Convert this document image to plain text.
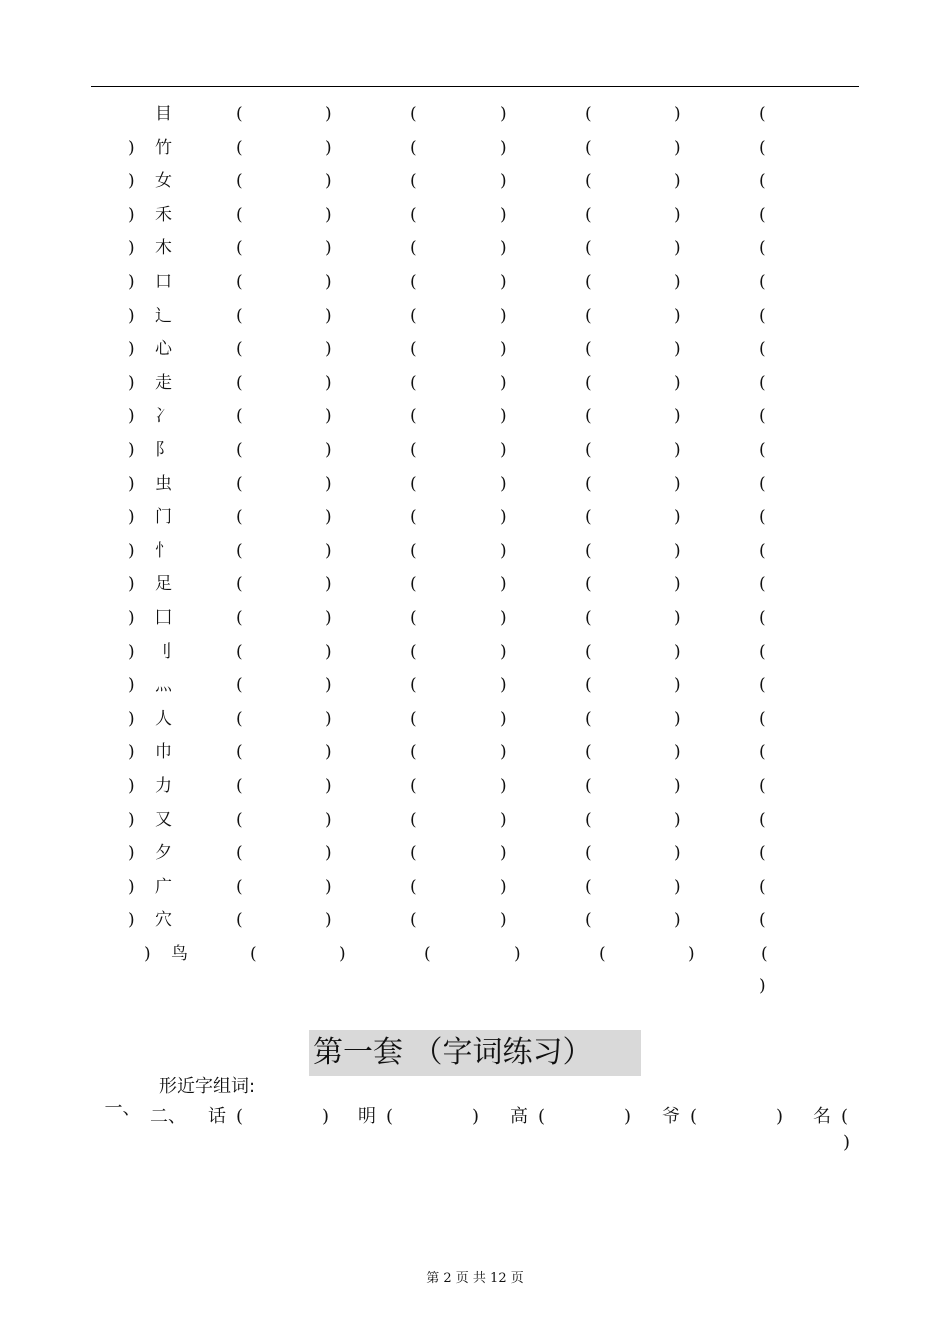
目	(	)	(	)	(	)	(
) 竹	(	)	(	)	(	)	(
) 女	(	)	(	)	(	)	(
) 禾	(	)	(	)	(	)	(
) 木	(	)	(	)	(	)	(
) 口	(	)	(	)	(	)	(
) 辶	(	)	(	)	(	)	(
) 心	(	)	(	)	(	)	(
) 走	(	)	(	)	(	)	(
) 冫	(	)	(	)	(	)	(
) 阝	(	)	(	)	(	)	(
) 虫	(	)	(	)	(	)	(
) 门	(	)	(	)	(	)	(
) 忄	(	)	(	)	(	)	(
) 足	(	)	(	)	(	)	(
) 囗	(	)	(	)	(	)	(
) 刂	(	)	(	)	(	)	(
) 灬	(	)	(	)	(	)	(
) 人	(	)	(	)	(	)	(
) 巾	(	)	(	)	(	)	(
) 力	(	)	(	)	(	)	(
) 又	(	)	(	)	(	)	(
) 夕	(	)	(	)	(	)	(
) 广	(	)	(	)	(	)	(
) 穴	(	)	(	)	(	)	(
) 鸟	(	)	(	)	(	)	(
)
第一套 （字词练习）

一、

形近字组词:

二、 话 (	) 明 (	) 高 (	) 爷 (	) 名 (
)
第 2 页 共 12 页
